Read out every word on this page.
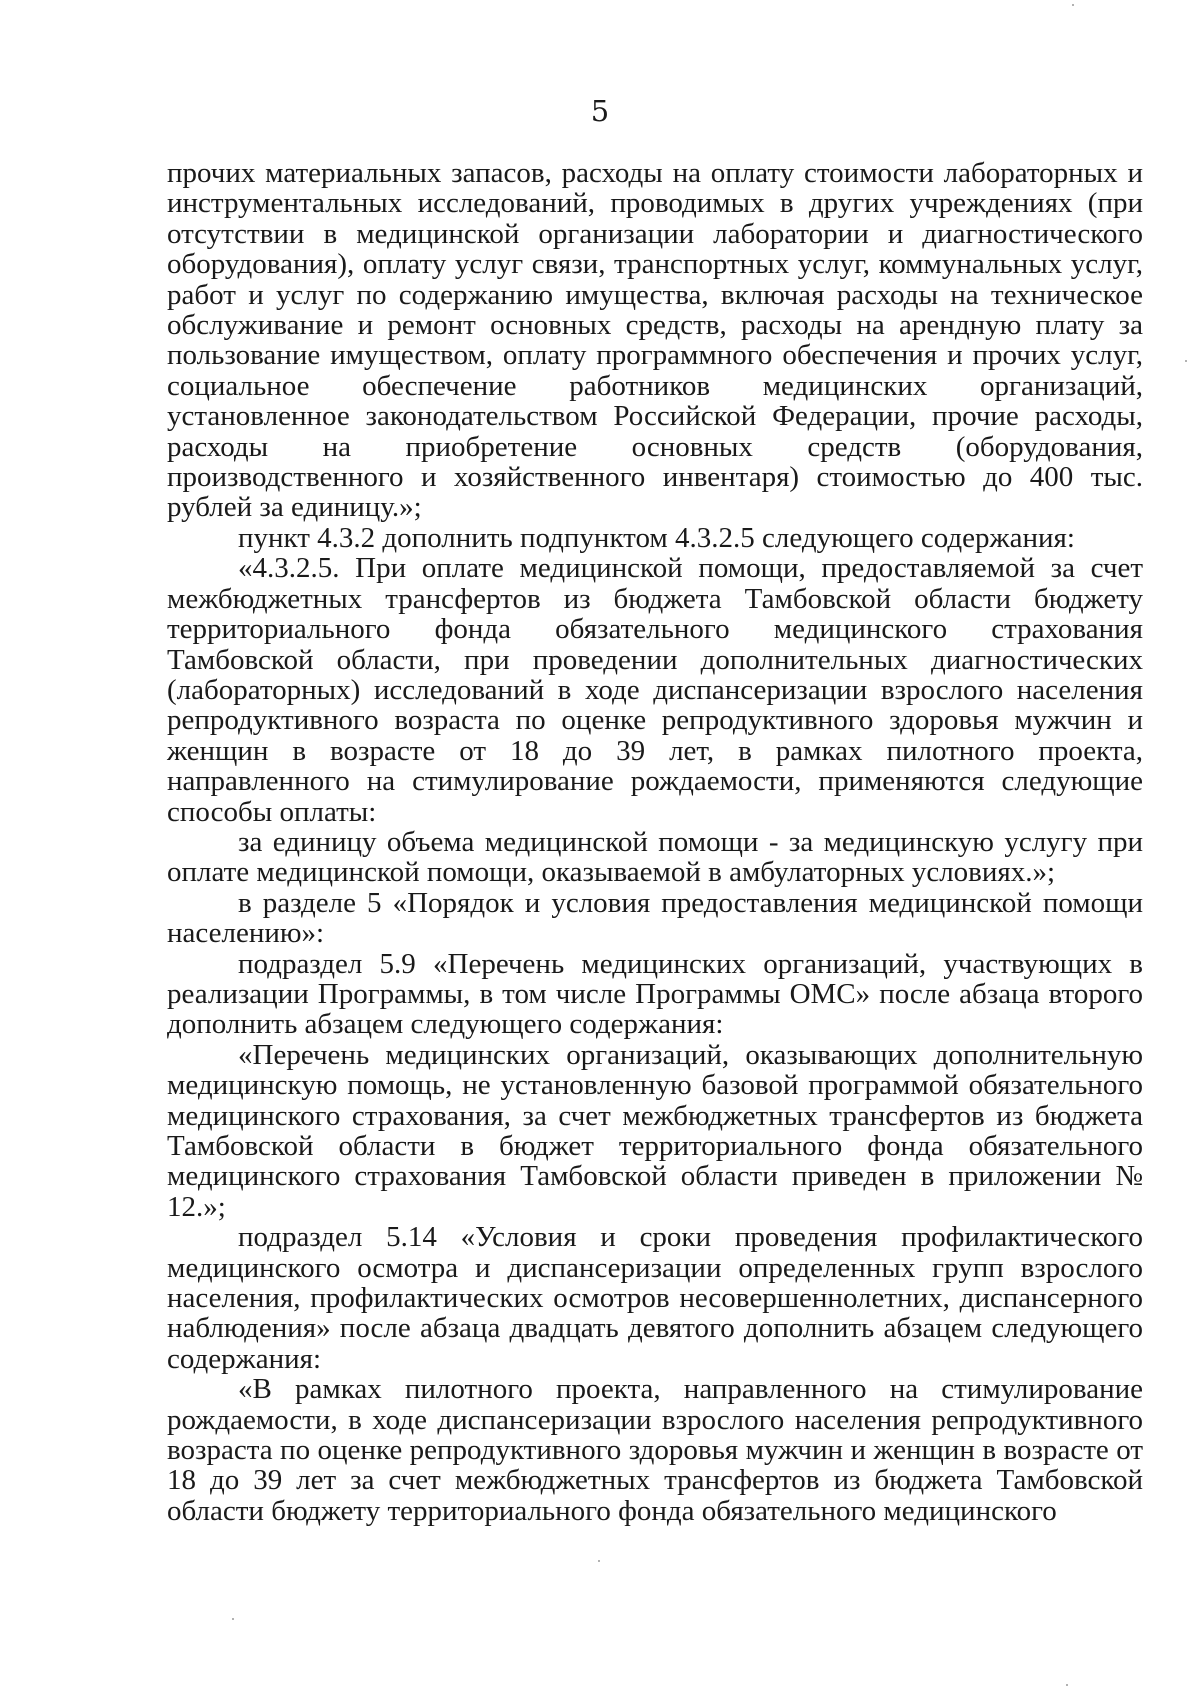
5

прочих материальных запасов, расходы на оплату стоимости лабораторных и инструментальных исследований, проводимых в других учреждениях (при отсутствии в медицинской организации лаборатории и диагностического оборудования), оплату услуг связи, транспортных услуг, коммунальных услуг, работ и услуг по содержанию имущества, включая расходы на техническое обслуживание и ремонт основных средств, расходы на арендную плату за пользование имуществом, оплату программного обеспечения и прочих услуг, социальное обеспечение работников медицинских организаций, установленное законодательством Российской Федерации, прочие расходы, расходы на приобретение основных средств (оборудования, производственного и хозяйственного инвентаря) стоимостью до 400 тыс. рублей за единицу.»;

пункт 4.3.2 дополнить подпунктом 4.3.2.5 следующего содержания:

«4.3.2.5. При оплате медицинской помощи, предоставляемой за счет межбюджетных трансфертов из бюджета Тамбовской области бюджету территориального фонда обязательного медицинского страхования Тамбовской области, при проведении дополнительных диагностических (лабораторных) исследований в ходе диспансеризации взрослого населения репродуктивного возраста по оценке репродуктивного здоровья мужчин и женщин в возрасте от 18 до 39 лет, в рамках пилотного проекта, направленного на стимулирование рождаемости, применяются следующие способы оплаты:

за единицу объема медицинской помощи - за медицинскую услугу при оплате медицинской помощи, оказываемой в амбулаторных условиях.»;

в разделе 5 «Порядок и условия предоставления медицинской помощи населению»:

подраздел 5.9 «Перечень медицинских организаций, участвующих в реализации Программы, в том числе Программы ОМС» после абзаца второго дополнить абзацем следующего содержания:

«Перечень медицинских организаций, оказывающих дополнительную медицинскую помощь, не установленную базовой программой обязательного медицинского страхования, за счет межбюджетных трансфертов из бюджета Тамбовской области в бюджет территориального фонда обязательного медицинского страхования Тамбовской области приведен в приложении № 12.»;

подраздел 5.14 «Условия и сроки проведения профилактического медицинского осмотра и диспансеризации определенных групп взрослого населения, профилактических осмотров несовершеннолетних, диспансерного наблюдения» после абзаца двадцать девятого дополнить абзацем следующего содержания:

«В рамках пилотного проекта, направленного на стимулирование рождаемости, в ходе диспансеризации взрослого населения репродуктивного возраста по оценке репродуктивного здоровья мужчин и женщин в возрасте от 18 до 39 лет за счет межбюджетных трансфертов из бюджета Тамбовской области бюджету территориального фонда обязательного медицинского
